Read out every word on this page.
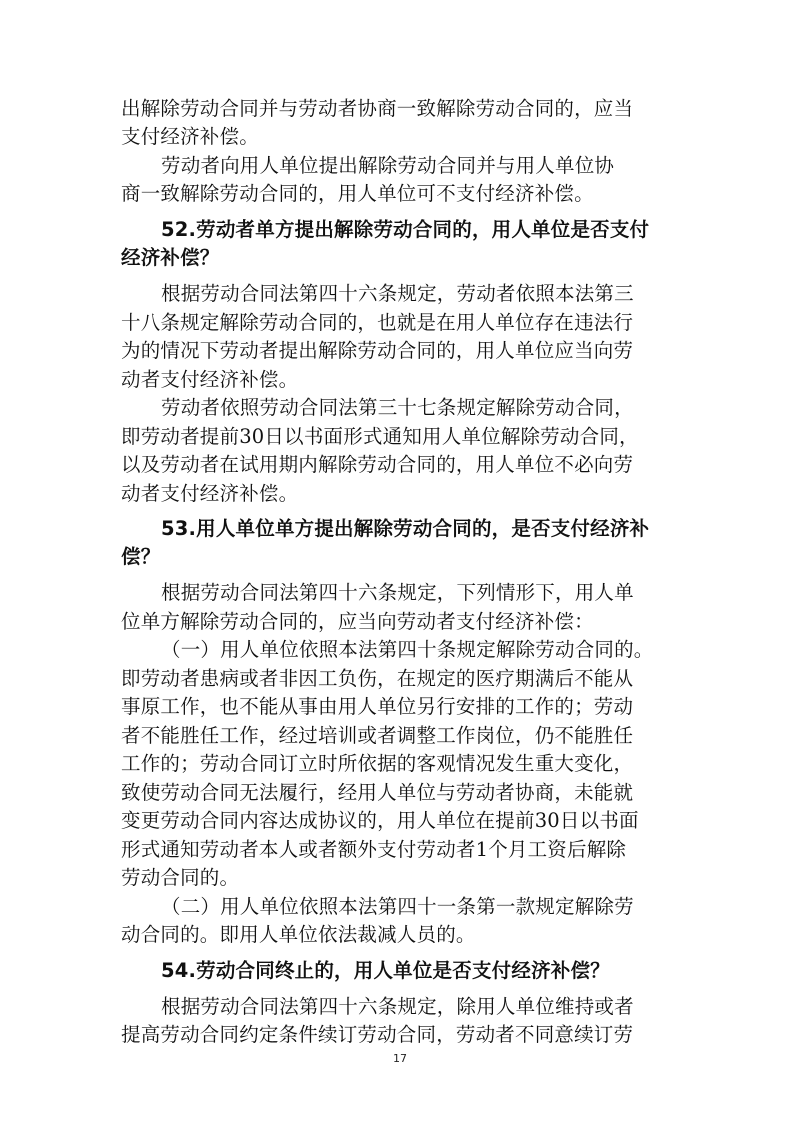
出解除劳动合同并与劳动者协商一致解除劳动合同的，应当
支付经济补偿。
劳动者向用人单位提出解除劳动合同并与用人单位协
商一致解除劳动合同的，用人单位可不支付经济补偿。
52.劳动者单方提出解除劳动合同的，用人单位是否支付
经济补偿？
根据劳动合同法第四十六条规定，劳动者依照本法第三
十八条规定解除劳动合同的，也就是在用人单位存在违法行
为的情况下劳动者提出解除劳动合同的，用人单位应当向劳
动者支付经济补偿。
劳动者依照劳动合同法第三十七条规定解除劳动合同，
即劳动者提前30日以书面形式通知用人单位解除劳动合同，
以及劳动者在试用期内解除劳动合同的，用人单位不必向劳
动者支付经济补偿。
53.用人单位单方提出解除劳动合同的，是否支付经济补
偿？
根据劳动合同法第四十六条规定，下列情形下，用人单
位单方解除劳动合同的，应当向劳动者支付经济补偿：
（一）用人单位依照本法第四十条规定解除劳动合同的。
即劳动者患病或者非因工负伤，在规定的医疗期满后不能从
事原工作，也不能从事由用人单位另行安排的工作的；劳动
者不能胜任工作，经过培训或者调整工作岗位，仍不能胜任
工作的；劳动合同订立时所依据的客观情况发生重大变化，
致使劳动合同无法履行，经用人单位与劳动者协商，未能就
变更劳动合同内容达成协议的，用人单位在提前30日以书面
形式通知劳动者本人或者额外支付劳动者1个月工资后解除
劳动合同的。
（二）用人单位依照本法第四十一条第一款规定解除劳
动合同的。即用人单位依法裁减人员的。
54.劳动合同终止的，用人单位是否支付经济补偿？
根据劳动合同法第四十六条规定，除用人单位维持或者
提高劳动合同约定条件续订劳动合同，劳动者不同意续订劳
17
